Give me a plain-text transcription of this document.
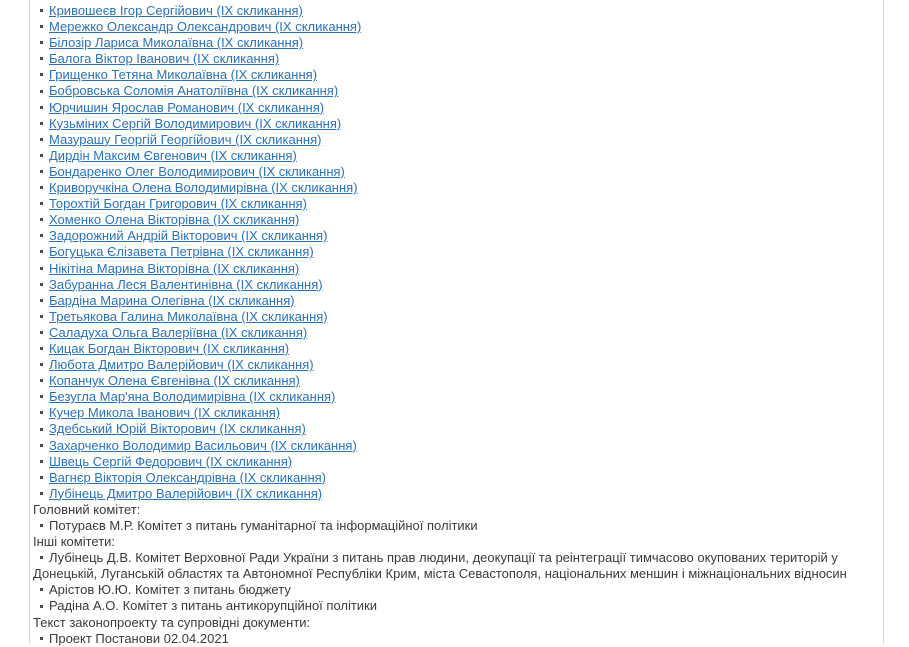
Кривошеєв Ігор Сергійович (ІХ скликання)
Мережко Олександр Олександрович (ІХ скликання)
Білозір Лариса Миколаївна (ІХ скликання)
Балога Віктор Іванович (ІХ скликання)
Грищенко Тетяна Миколаївна (ІХ скликання)
Бобровська Соломія Анатоліївна (ІХ скликання)
Юрчишин Ярослав Романович (ІХ скликання)
Кузьміних Сергій Володимирович (ІХ скликання)
Мазурашу Георгій Георгійович (ІХ скликання)
Дирдін Максим Євгенович (ІХ скликання)
Бондаренко Олег Володимирович (ІХ скликання)
Криворучкіна Олена Володимирівна (ІХ скликання)
Торохтій Богдан Григорович (ІХ скликання)
Хоменко Олена Вікторівна (ІХ скликання)
Задорожний Андрій Вікторович (ІХ скликання)
Богуцька Єлізавета Петрівна (ІХ скликання)
Нікітіна Марина Вікторівна (ІХ скликання)
Забуранна Леся Валентинівна (ІХ скликання)
Бардіна Марина Олегівна (ІХ скликання)
Третьякова Галина Миколаївна (ІХ скликання)
Саладуха Ольга Валеріївна (ІХ скликання)
Кицак Богдан Вікторович (ІХ скликання)
Любота Дмитро Валерійович (ІХ скликання)
Копанчук Олена Євгенівна (ІХ скликання)
Безугла Мар'яна Володимирівна (ІХ скликання)
Кучер Микола Іванович (ІХ скликання)
Здебський Юрій Вікторович (ІХ скликання)
Захарченко Володимир Васильович (ІХ скликання)
Швець Сергій Федорович (ІХ скликання)
Вагнєр Вікторія Олександрівна (ІХ скликання)
Лубінець Дмитро Валерійович (ІХ скликання)
Головний комітет:
Потураєв М.Р. Комітет з питань гуманітарної та інформаційної політики
Інші комітети:
Лубінець Д.В. Комітет Верховної Ради України з питань прав людини, деокупації та реінтеграції тимчасово окупованих територій у Донецькій, Луганській областях та Автономної Республіки Крим, міста Севастополя, національних меншин і міжнаціональних відносин
Арістов Ю.Ю. Комітет з питань бюджету
Радіна А.О. Комітет з питань антикорупційної політики
Текст законопроекту та супровідні документи:
Проект Постанови 02.04.2021
